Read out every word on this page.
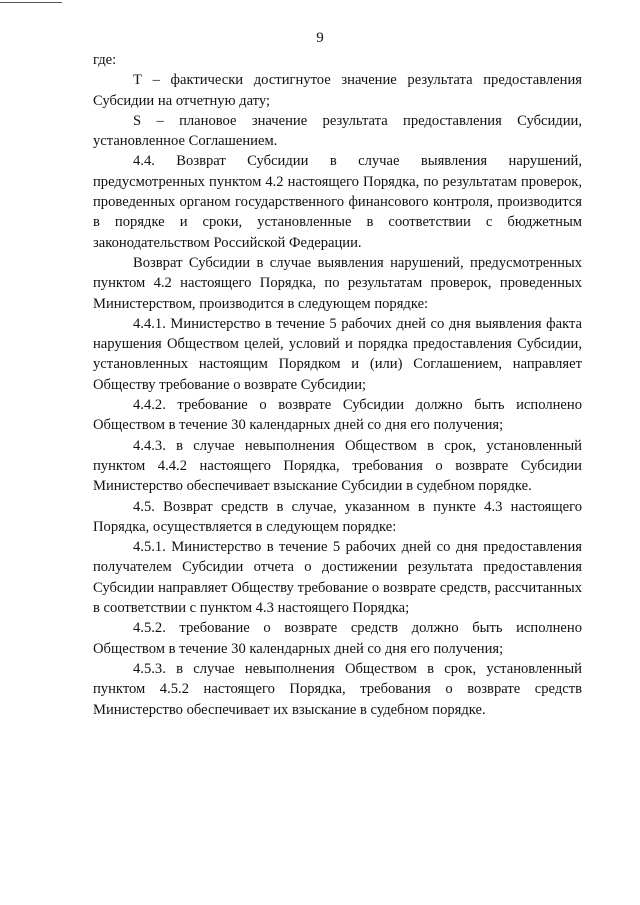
9

где:

Т – фактически достигнутое значение результата предоставления Субсидии на отчетную дату;

S – плановое значение результата предоставления Субсидии, установленное Соглашением.

4.4. Возврат Субсидии в случае выявления нарушений, предусмотренных пунктом 4.2 настоящего Порядка, по результатам проверок, проведенных органом государственного финансового контроля, производится в порядке и сроки, установленные в соответствии с бюджетным законодательством Российской Федерации.

Возврат Субсидии в случае выявления нарушений, предусмотренных пунктом 4.2 настоящего Порядка, по результатам проверок, проведенных Министерством, производится в следующем порядке:

4.4.1. Министерство в течение 5 рабочих дней со дня выявления факта нарушения Обществом целей, условий и порядка предоставления Субсидии, установленных настоящим Порядком и (или) Соглашением, направляет Обществу требование о возврате Субсидии;

4.4.2. требование о возврате Субсидии должно быть исполнено Обществом в течение 30 календарных дней со дня его получения;

4.4.3. в случае невыполнения Обществом в срок, установленный пунктом 4.4.2 настоящего Порядка, требования о возврате Субсидии Министерство обеспечивает взыскание Субсидии в судебном порядке.

4.5. Возврат средств в случае, указанном в пункте 4.3 настоящего Порядка, осуществляется в следующем порядке:

4.5.1. Министерство в течение 5 рабочих дней со дня предоставления получателем Субсидии отчета о достижении результата предоставления Субсидии направляет Обществу требование о возврате средств, рассчитанных в соответствии с пунктом 4.3 настоящего Порядка;

4.5.2. требование о возврате средств должно быть исполнено Обществом в течение 30 календарных дней со дня его получения;

4.5.3. в случае невыполнения Обществом в срок, установленный пунктом 4.5.2 настоящего Порядка, требования о возврате средств Министерство обеспечивает их взыскание в судебном порядке.
